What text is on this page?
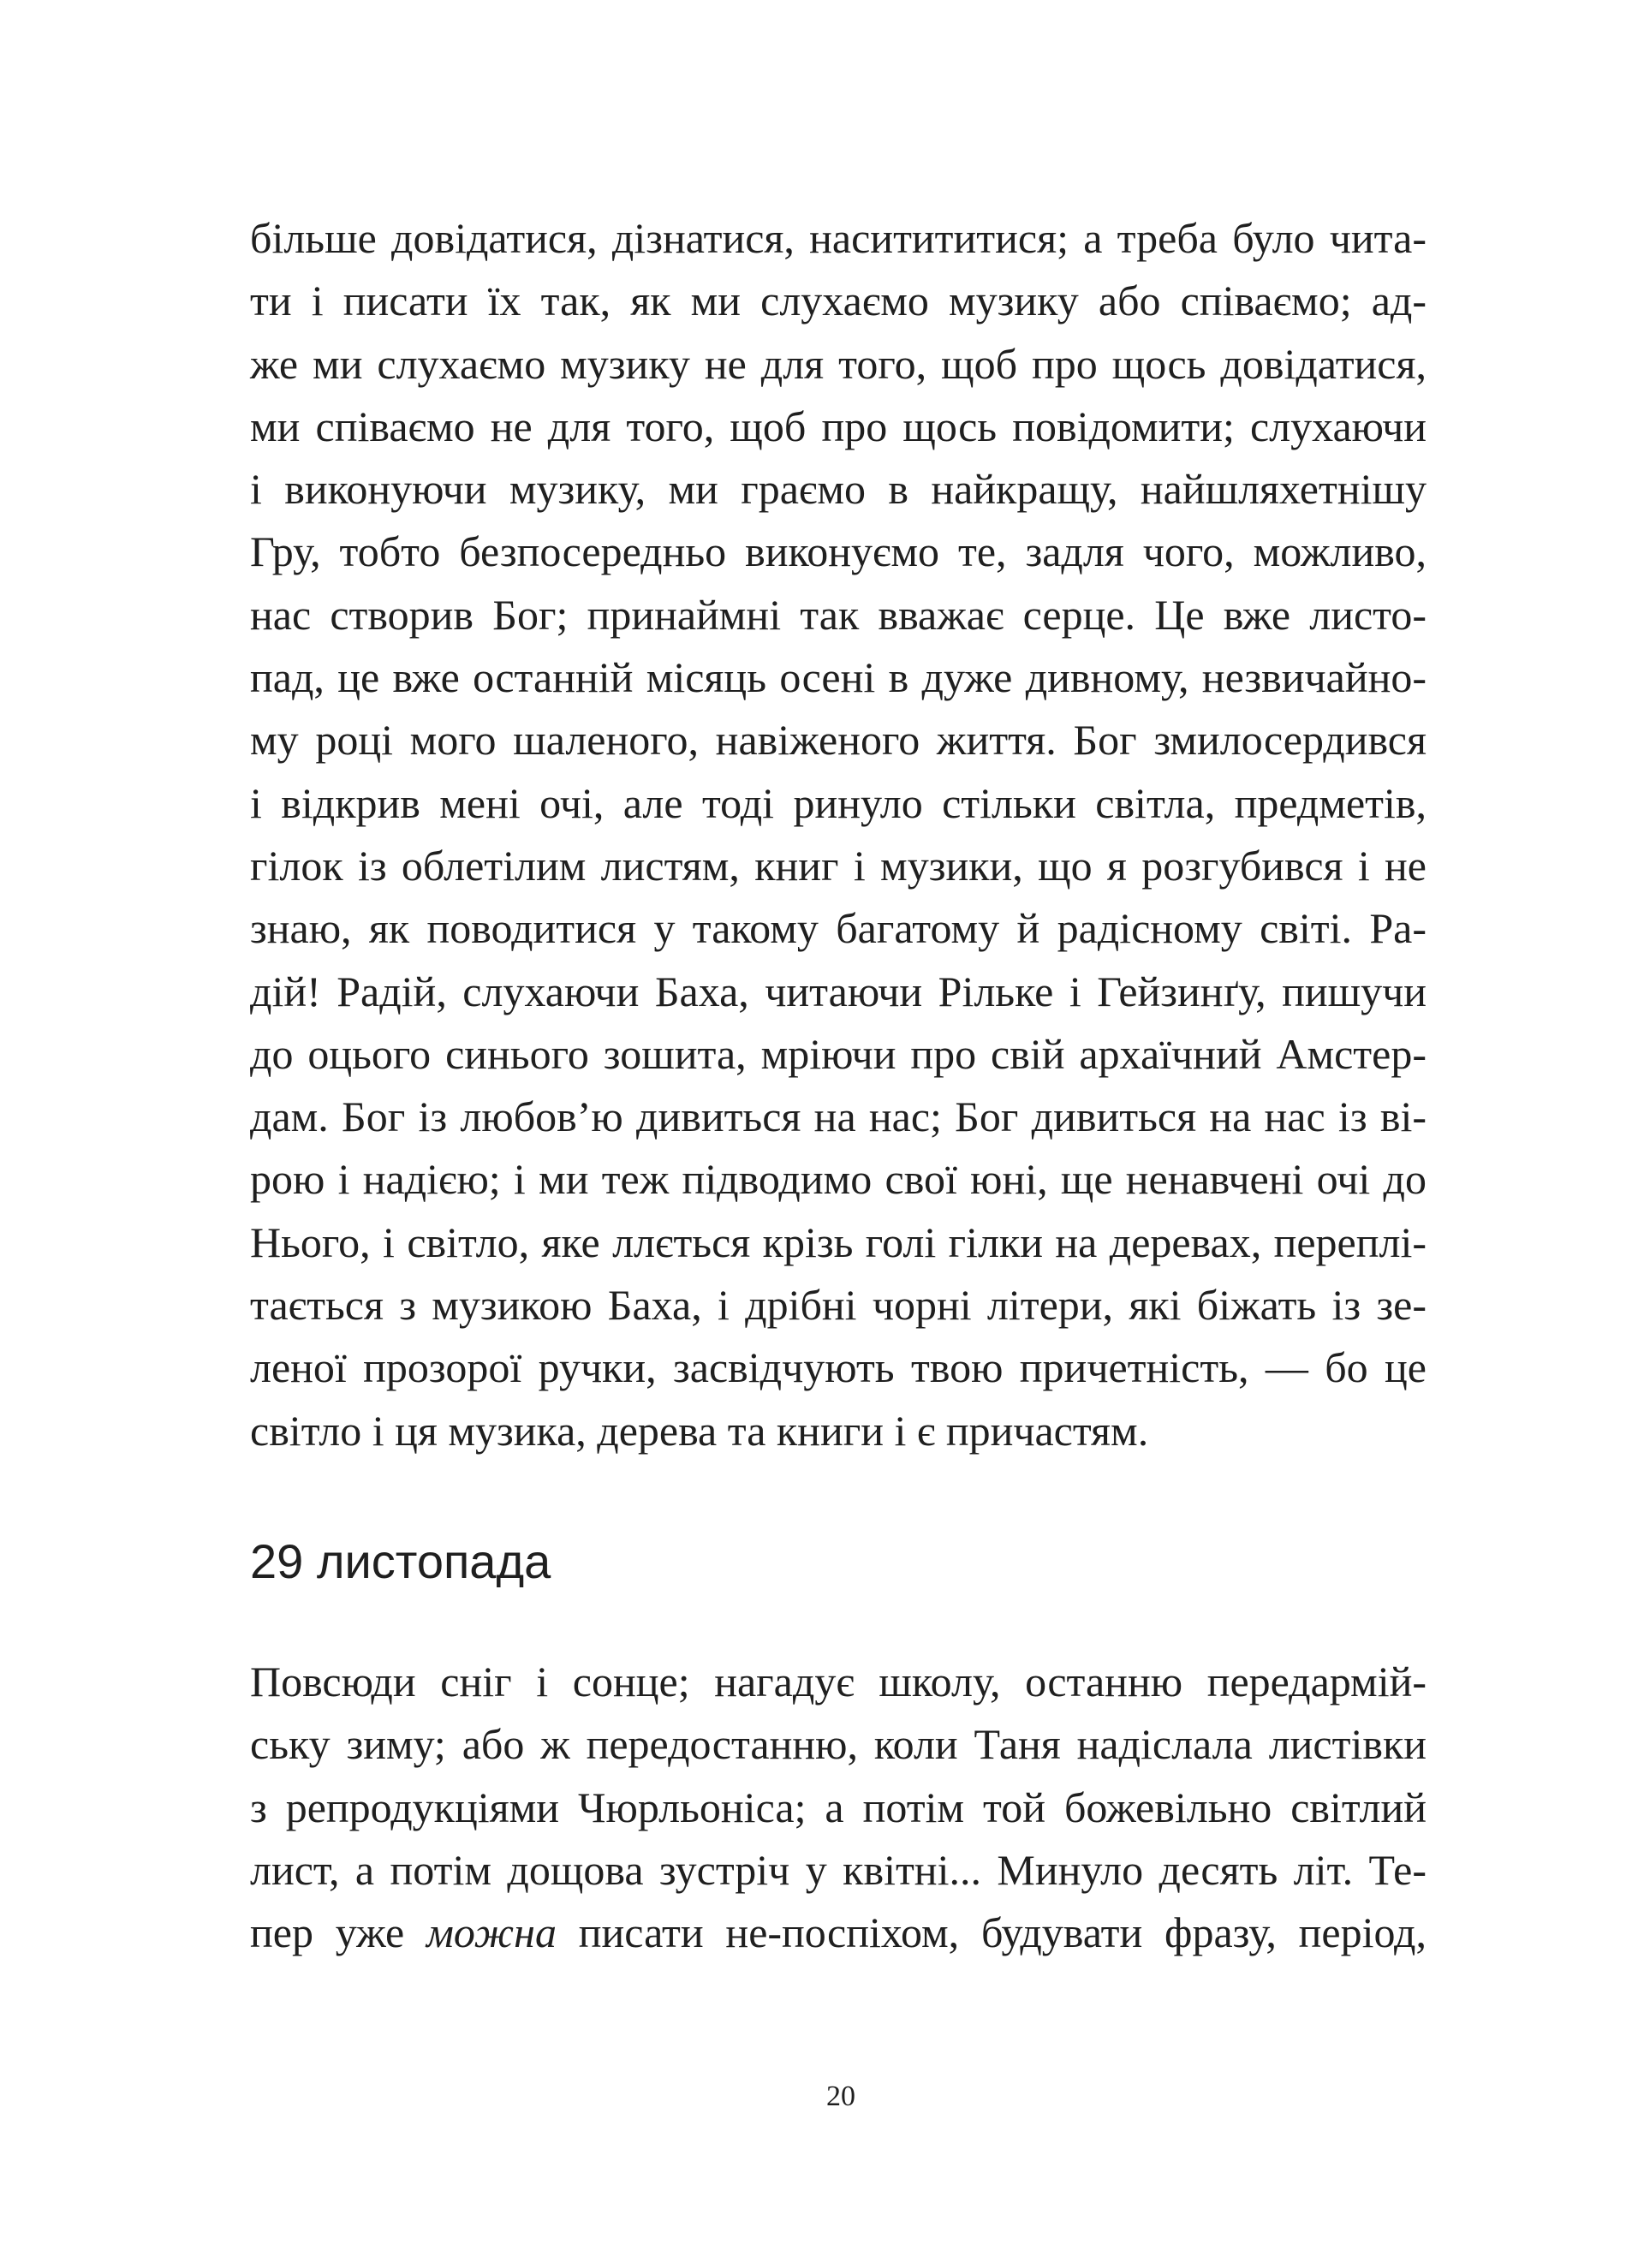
більше довідатися, дізнатися, наситититися; а треба було чита-
ти і писати їх так, як ми слухаємо музику або співаємо; ад-
же ми слухаємо музику не для того, щоб про щось довідатися,
ми співаємо не для того, щоб про щось повідомити; слухаючи
і виконуючи музику, ми граємо в найкращу, найшляхетнішу
Гру, тобто безпосередньо виконуємо те, задля чого, можливо,
нас створив Бог; принаймні так вважає серце. Це вже листо-
пад, це вже останній місяць осені в дуже дивному, незвичайно-
му році мого шаленого, навіженого життя. Бог змилосердився
і відкрив мені очі, але тоді ринуло стільки світла, предметів,
гілок із облетілим листям, книг і музики, що я розгубився і не
знаю, як поводитися у такому багатому й радісному світі. Ра-
дій! Радій, слухаючи Баха, читаючи Рільке і Гейзинґу, пишучи
до оцього синього зошита, мріючи про свій архаїчний Амстер-
дам. Бог із любов’ю дивиться на нас; Бог дивиться на нас із ві-
рою і надією; і ми теж підводимо свої юні, ще ненавчені очі до
Нього, і світло, яке ллється крізь голі гілки на деревах, переплі-
тається з музикою Баха, і дрібні чорні літери, які біжать із зе-
леної прозорої ручки, засвідчують твою причетність, — бо це
світло і ця музика, дерева та книги і є причастям.
29 листопада
Повсюди сніг і сонце; нагадує школу, останню передармій-
ську зиму; або ж передостанню, коли Таня надіслала листівки
з репродукціями Чюрльоніса; а потім той божевільно світлий
лист, а потім дощова зустріч у квітні... Минуло десять літ. Те-
пер уже можна писати не-поспіхом, будувати фразу, період,
20
